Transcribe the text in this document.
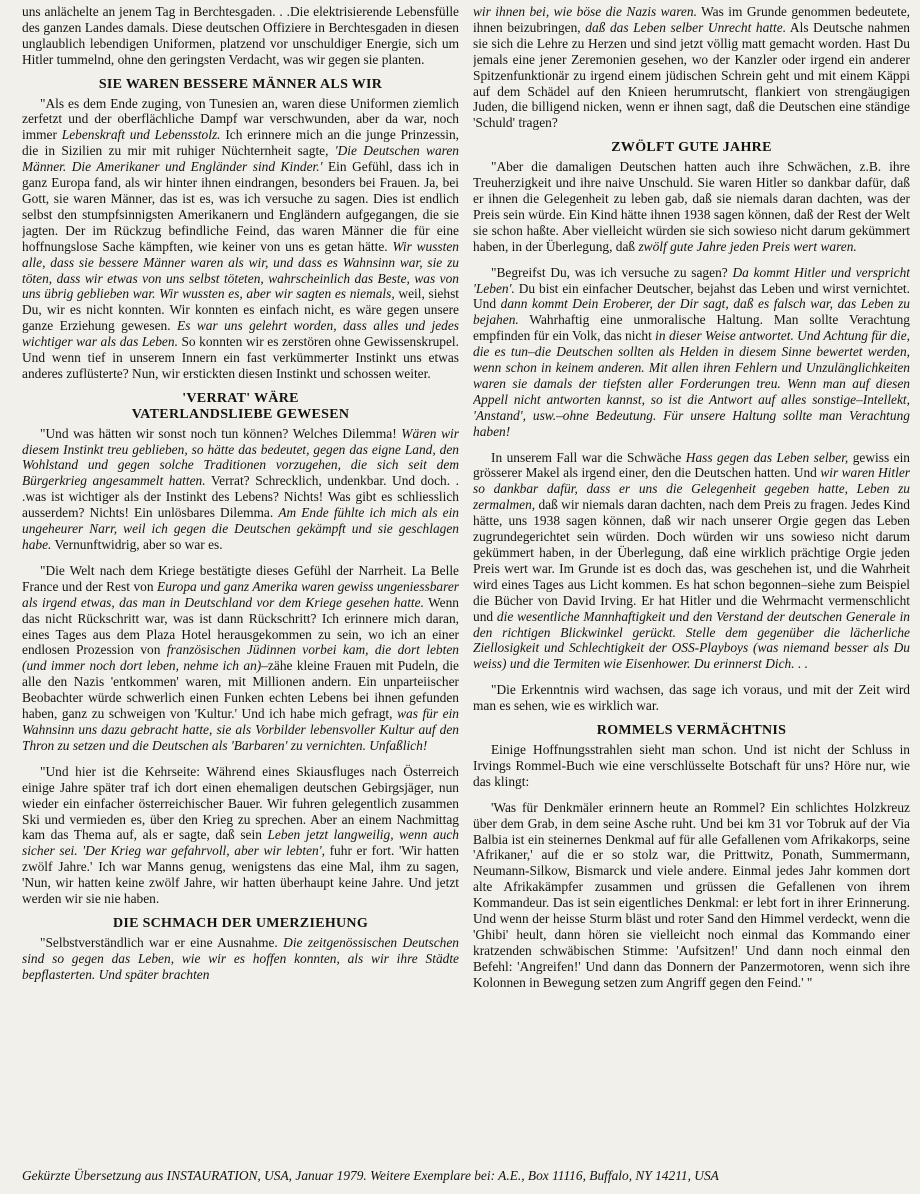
uns anlächelte an jenem Tag in Berchtesgaden. . .Die elektrisierende Lebensfülle des ganzen Landes damals. Diese deutschen Offiziere in Berchtesgaden in diesen unglaublich lebendigen Uniformen, platzend vor unschuldiger Energie, sich um Hitler tummelnd, ohne den geringsten Verdacht, was wir gegen sie planten.

SIE WAREN BESSERE MÄNNER ALS WIR

"Als es dem Ende zuging, von Tunesien an, waren diese Uniformen ziemlich zerfetzt und der oberflächliche Dampf war verschwunden, aber da war, noch immer Lebenskraft und Lebensstolz. Ich erinnere mich an die junge Prinzessin, die in Sizilien zu mir mit ruhiger Nüchternheit sagte, 'Die Deutschen waren Männer. Die Amerikaner und Engländer sind Kinder.' Ein Gefühl, dass ich in ganz Europa fand, als wir hinter ihnen eindrangen, besonders bei Frauen. Ja, bei Gott, sie waren Männer, das ist es, was ich versuche zu sagen. Dies ist endlich selbst den stumpfsinnigsten Amerikanern und Engländern aufgegangen, die sie jagten. Der im Rückzug befindliche Feind, das waren Männer die für eine hoffnungslose Sache kämpften, wie keiner von uns es getan hätte. Wir wussten alle, dass sie bessere Männer waren als wir, und dass es Wahnsinn war, sie zu töten, dass wir etwas von uns selbst töteten, wahrscheinlich das Beste, was von uns übrig geblieben war. Wir wussten es, aber wir sagten es niemals, weil, siehst Du, wir es nicht konnten. Wir konnten es einfach nicht, es wäre gegen unsere ganze Erziehung gewesen. Es war uns gelehrt worden, dass alles und jedes wichtiger war als das Leben. So konnten wir es zerstören ohne Gewissenskrupel. Und wenn tief in unserem Innern ein fast verkümmerter Instinkt uns etwas anderes zuflüsterte? Nun, wir erstickten diesen Instinkt und schossen weiter.

'VERRAT' WÄRE
VATERLANDSLIEBE GEWESEN

"Und was hätten wir sonst noch tun können? Welches Dilemma! Wären wir diesem Instinkt treu geblieben, so hätte das bedeutet, gegen das eigne Land, den Wohlstand und gegen solche Traditionen vorzugehen, die sich seit dem Bürgerkrieg angesammelt hatten. Verrat? Schrecklich, undenkbar. Und doch. . .was ist wichtiger als der Instinkt des Lebens? Nichts! Was gibt es schliesslich ausserdem? Nichts! Ein unlösbares Dilemma. Am Ende fühlte ich mich als ein ungeheurer Narr, weil ich gegen die Deutschen gekämpft und sie geschlagen habe. Vernunftwidrig, aber so war es.

"Die Welt nach dem Kriege bestätigte dieses Gefühl der Narrheit. La Belle France und der Rest von Europa und ganz Amerika waren gewiss ungeniessbarer als irgend etwas, das man in Deutschland vor dem Kriege gesehen hatte. Wenn das nicht Rückschritt war, was ist dann Rückschritt? Ich erinnere mich daran, eines Tages aus dem Plaza Hotel herausgekommen zu sein, wo ich an einer endlosen Prozession von französischen Jüdinnen vorbei kam, die dort lebten (und immer noch dort leben, nehme ich an)–zähe kleine Frauen mit Pudeln, die alle den Nazis 'entkommen' waren, mit Millionen andern. Ein unparteiischer Beobachter würde schwerlich einen Funken echten Lebens bei ihnen gefunden haben, ganz zu schweigen von 'Kultur.' Und ich habe mich gefragt, was für ein Wahnsinn uns dazu gebracht hatte, sie als Vorbilder lebensvoller Kultur auf den Thron zu setzen und die Deutschen als 'Barbaren' zu vernichten. Unfaßlich!

"Und hier ist die Kehrseite: Während eines Skiausfluges nach Österreich einige Jahre später traf ich dort einen ehemaligen deutschen Gebirgsjäger, nun wieder ein einfacher österreichischer Bauer. Wir fuhren gelegentlich zusammen Ski und vermieden es, über den Krieg zu sprechen. Aber an einem Nachmittag kam das Thema auf, als er sagte, daß sein Leben jetzt langweilig, wenn auch sicher sei. 'Der Krieg war gefahrvoll, aber wir lebten', fuhr er fort. 'Wir hatten zwölf Jahre.' Ich war Manns genug, wenigstens das eine Mal, ihm zu sagen, 'Nun, wir hatten keine zwölf Jahre, wir hatten überhaupt keine Jahre. Und jetzt werden wir sie nie haben.

DIE SCHMACH DER UMERZIEHUNG

"Selbstverständlich war er eine Ausnahme. Die zeitgenössischen Deutschen sind so gegen das Leben, wie wir es hoffen konnten, als wir ihre Städte bepflasterten. Und später brachten

wir ihnen bei, wie böse die Nazis waren. Was im Grunde genommen bedeutete, ihnen beizubringen, daß das Leben selber Unrecht hatte. Als Deutsche nahmen sie sich die Lehre zu Herzen und sind jetzt völlig matt gemacht worden. Hast Du jemals eine jener Zeremonien gesehen, wo der Kanzler oder irgend ein anderer Spitzenfunktionär zu irgend einem jüdischen Schrein geht und mit einem Käppi auf dem Schädel auf den Knieen herumrutscht, flankiert von strengäugigen Juden, die billigend nicken, wenn er ihnen sagt, daß die Deutschen eine ständige 'Schuld' tragen?

ZWÖLFT GUTE JAHRE

"Aber die damaligen Deutschen hatten auch ihre Schwächen, z.B. ihre Treuherzigkeit und ihre naive Unschuld. Sie waren Hitler so dankbar dafür, daß er ihnen die Gelegenheit zu leben gab, daß sie niemals daran dachten, was der Preis sein würde. Ein Kind hätte ihnen 1938 sagen können, daß der Rest der Welt sie schon haßte. Aber vielleicht würden sie sich sowieso nicht darum gekümmert haben, in der Überlegung, daß zwölf gute Jahre jeden Preis wert waren.

"Begreifst Du, was ich versuche zu sagen? Da kommt Hitler und verspricht 'Leben'. Du bist ein einfacher Deutscher, bejahst das Leben und wirst vernichtet. Und dann kommt Dein Eroberer, der Dir sagt, daß es falsch war, das Leben zu bejahen. Wahrhaftig eine unmoralische Haltung. Man sollte Verachtung empfinden für ein Volk, das nicht in dieser Weise antwortet. Und Achtung für die, die es tun–die Deutschen sollten als Helden in diesem Sinne bewertet werden, wenn schon in keinem anderen. Mit allen ihren Fehlern und Unzulänglichkeiten waren sie damals der tiefsten aller Forderungen treu. Wenn man auf diesen Appell nicht antworten kannst, so ist die Antwort auf alles sonstige–Intellekt, 'Anstand', usw.–ohne Bedeutung. Für unsere Haltung sollte man Verachtung haben!

In unserem Fall war die Schwäche Hass gegen das Leben selber, gewiss ein grösserer Makel als irgend einer, den die Deutschen hatten. Und wir waren Hitler so dankbar dafür, dass er uns die Gelegenheit gegeben hatte, Leben zu zermalmen, daß wir niemals daran dachten, nach dem Preis zu fragen. Jedes Kind hätte, uns 1938 sagen können, daß wir nach unserer Orgie gegen das Leben zugrundegerichtet sein würden. Doch würden wir uns sowieso nicht darum gekümmert haben, in der Überlegung, daß eine wirklich prächtige Orgie jeden Preis wert war. Im Grunde ist es doch das, was geschehen ist, und die Wahrheit wird eines Tages aus Licht kommen. Es hat schon begonnen–siehe zum Beispiel die Bücher von David Irving. Er hat Hitler und die Wehrmacht vermenschlicht und die wesentliche Mannhaftigkeit und den Verstand der deutschen Generale in den richtigen Blickwinkel gerückt. Stelle dem gegenüber die lächerliche Ziellosigkeit und Schlechtigkeit der OSS-Playboys (was niemand besser als Du weiss) und die Termiten wie Eisenhower. Du erinnerst Dich. . .

"Die Erkenntnis wird wachsen, das sage ich voraus, und mit der Zeit wird man es sehen, wie es wirklich war.

ROMMELS VERMÄCHTNIS

Einige Hoffnungsstrahlen sieht man schon. Und ist nicht der Schluss in Irvings Rommel-Buch wie eine verschlüsselte Botschaft für uns? Höre nur, wie das klingt:

'Was für Denkmäler erinnern heute an Rommel? Ein schlichtes Holzkreuz über dem Grab, in dem seine Asche ruht. Und bei km 31 vor Tobruk auf der Via Balbia ist ein steinernes Denkmal auf für alle Gefallenen vom Afrikakorps, seine 'Afrikaner,' auf die er so stolz war, die Prittwitz, Ponath, Summermann, Neumann-Silkow, Bismarck und viele andere. Einmal jedes Jahr kommen dort alte Afrikakämpfer zusammen und grüssen die Gefallenen von ihrem Kommandeur. Das ist sein eigentliches Denkmal: er lebt fort in ihrer Erinnerung. Und wenn der heisse Sturm bläst und roter Sand den Himmel verdeckt, wenn die 'Ghibi' heult, dann hören sie vielleicht noch einmal das Kommando einer kratzenden schwäbischen Stimme: 'Aufsitzen!' Und dann noch einmal den Befehl: 'Angreifen!' Und dann das Donnern der Panzermotoren, wenn sich ihre Kolonnen in Bewegung setzen zum Angriff gegen den Feind.' "

Gekürzte Übersetzung aus INSTAURATION, USA, Januar 1979. Weitere Exemplare bei: A.E., Box 11116, Buffalo, NY 14211, USA
